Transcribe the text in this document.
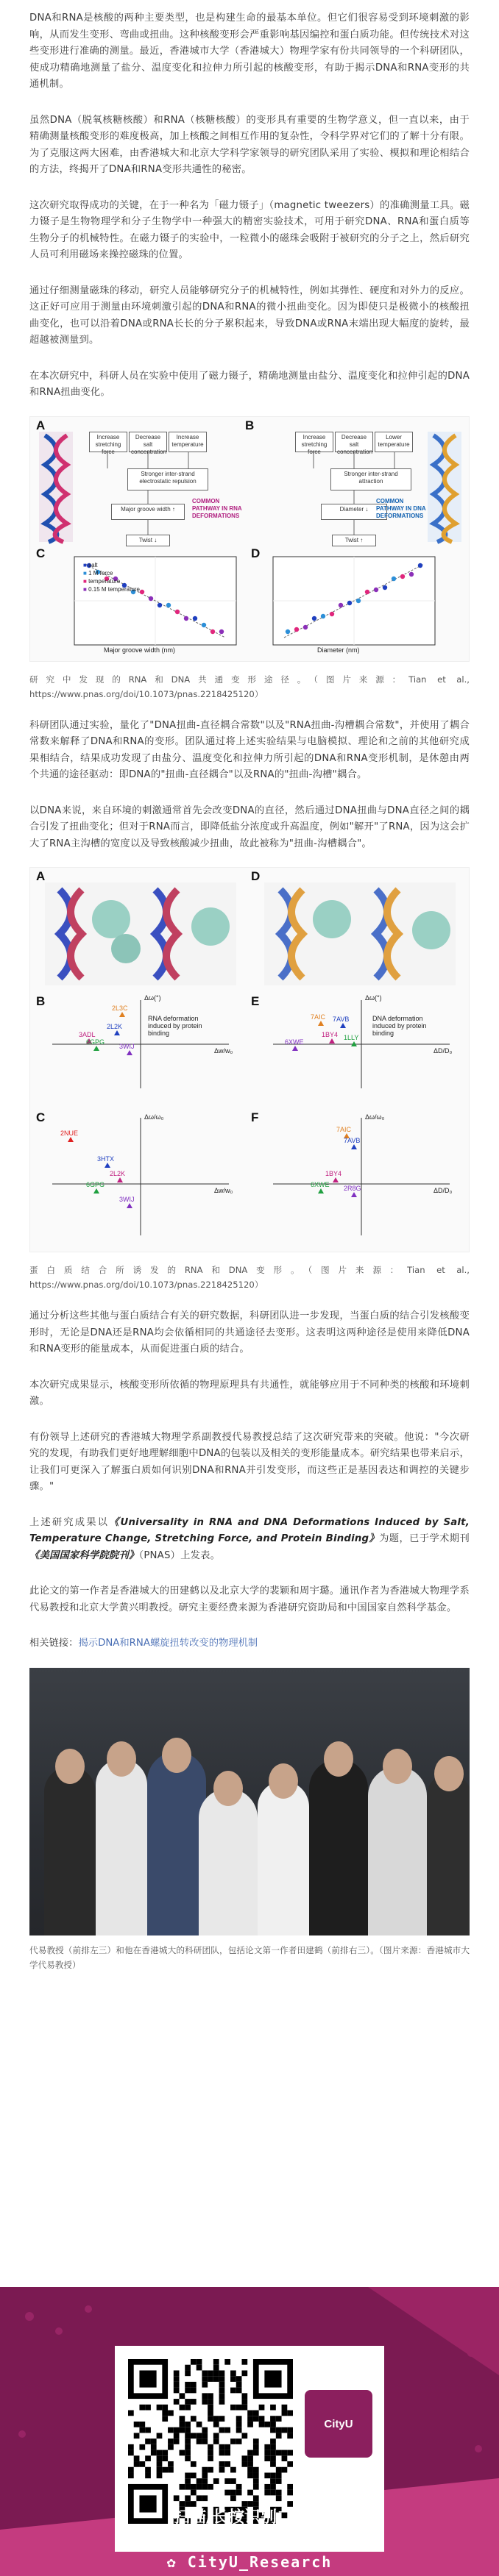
DNA和RNA是核酸的两种主要类型，也是构建生命的最基本单位。但它们很容易受到环境刺激的影响，从而发生变形、弯曲或扭曲。这种核酸变形会严重影响基因编控和蛋白质功能。但传统技术对这些变形进行准确的测量。最近，香港城市大学（香港城大）物理学家有份共同领导的一个科研团队，使成功精确地测量了盐分、温度变化和拉伸力所引起的核酸变形，有助于揭示DNA和RNA变形的共通机制。

虽然DNA（脱氧核糖核酸）和RNA（核糖核酸）的变形具有重要的生物学意义，但一直以来，由于精确测量核酸变形的难度极高，加上核酸之间相互作用的复杂性，令科学界对它们的了解十分有限。为了克服这两大困难，由香港城大和北京大学科学家领导的研究团队采用了实验、模拟和理论相结合的方法，终揭开了DNA和RNA变形共通性的秘密。

这次研究取得成功的关键，在于一种名为「磁力镊子」（magnetic tweezers）的准确测量工具。磁力镊子是生物物理学和分子生物学中一种强大的精密实验技术，可用于研究DNA、RNA和蛋白质等生物分子的机械特性。在磁力镊子的实验中，一粒微小的磁珠会吸附于被研究的分子之上，然后研究人员可利用磁场来操控磁珠的位置。

通过仔细测量磁珠的移动，研究人员能够研究分子的机械特性，例如其弹性、硬度和对外力的反应。这正好可应用于测量由环境刺激引起的DNA和RNA的微小扭曲变化。因为即使只是极微小的核酸扭曲变化，也可以沿着DNA或RNA长长的分子累积起来，导致DNA或RNA末端出现大幅度的旋转，最超越被测量到。

在本次研究中，科研人员在实验中使用了磁力镊子，精确地测量由盐分、温度变化和拉伸引起的DNA和RNA扭曲变化。

A	B
C	D
Increase stretching force
Decrease salt concentration
Increase temperature
Stronger inter-strand electrostatic repulsion
Major groove width ↑
Twist ↓
COMMON PATHWAY IN RNA DEFORMATIONS
Increase stretching force
Decrease salt concentration
Lower temperature
Stronger inter-strand attraction
Diameter ↓
Twist ↑
COMMON PATHWAY IN DNA DEFORMATIONS
Major groove width (nm)	Diameter (nm)
■ salt
■ 1 M force
■ temperature
■ 0.15 M temperature

研究中发现的RNA和DNA共通变形途径。（图片来源：Tian et al., https://www.pnas.org/doi/10.1073/pnas.2218425120）

科研团队通过实验，量化了"DNA扭曲-直径耦合常数"以及"RNA扭曲-沟槽耦合常数"，并使用了耦合常数来解释了DNA和RNA的变形。团队通过将上述实验结果与电脑模拟、理论和之前的其他研究成果相结合，结果成功发现了由盐分、温度变化和拉伸力所引起的DNA和RNA变形机制，是休憩由两个共通的途径驱动：即DNA的"扭曲-直径耦合"以及RNA的"扭曲-沟槽"耦合。

以DNA来说，来自环境的刺激通常首先会改变DNA的直径，然后通过DNA扭曲与DNA直径之间的耦合引发了扭曲变化；但对于RNA而言，即降低盐分浓度或升高温度，例如"解开"了RNA，因为这会扩大了RNA主沟槽的宽度以及导致核酸减少扭曲，故此被称为"扭曲-沟槽耦合"。

2L3C
2L2K
3ADL
6GPG
3WIJ
7AIC 7AVB
1BY4 1LLY
6XWE
2NUE
3HTX
2L2K
6GPG
3WIJ
7AIC
7AVB
1BY4
6XWE 2R8G
A	D
B	E
C	F
RNA deformation induced by protein binding
DNA deformation induced by protein binding
Δω(°)	Δω(°)
Δw/w₀	ΔD/D₀
Δω/ω₀	Δω/ω₀
Δw/w₀	ΔD/D₀

蛋白质结合所诱发的RNA和DNA变形。（图片来源：Tian et al., https://www.pnas.org/doi/10.1073/pnas.2218425120）

通过分析这些其他与蛋白质结合有关的研究数据，科研团队进一步发现，当蛋白质的结合引发核酸变形时，无论是DNA还是RNA均会依循相同的共通途径去变形。这表明这两种途径是使用来降低DNA和RNA变形的能量成本，从而促进蛋白质的结合。

本次研究成果显示，核酸变形所依循的物理原理具有共通性，就能够应用于不同种类的核酸和环境刺激。

有份领导上述研究的香港城大物理学系副教授代易教授总结了这次研究带来的突破。他说："今次研究的发现，有助我们更好地理解细胞中DNA的包装以及相关的变形能量成本。研究结果也带来启示，让我们可更深入了解蛋白质如何识别DNA和RNA并引发变形，而这些正是基因表达和调控的关键步骤。"

上述研究成果以《Universality in RNA and DNA Deformations Induced by Salt, Temperature Change, Stretching Force, and Protein Binding》为题，已于学术期刊《美国国家科学院院刊》（PNAS）上发表。

此论文的第一作者是香港城大的田建鹤以及北京大学的裴颖和周宇璐。通讯作者为香港城大物理学系代易教授和北京大学黄兴明教授。研究主要经费来源为香港研究资助局和中国国家自然科学基金。

相关链接：揭示DNA和RNA螺旋扭转改变的物理机制

代易教授（前排左三）和他在香港城大的科研团队，包括论文第一作者田建鹤（前排右三）。（图片来源：香港城市大学代易教授）

CityU
扫描/长按识别二维码
了解更多香港城大研创资讯
✿ CityU_Research
